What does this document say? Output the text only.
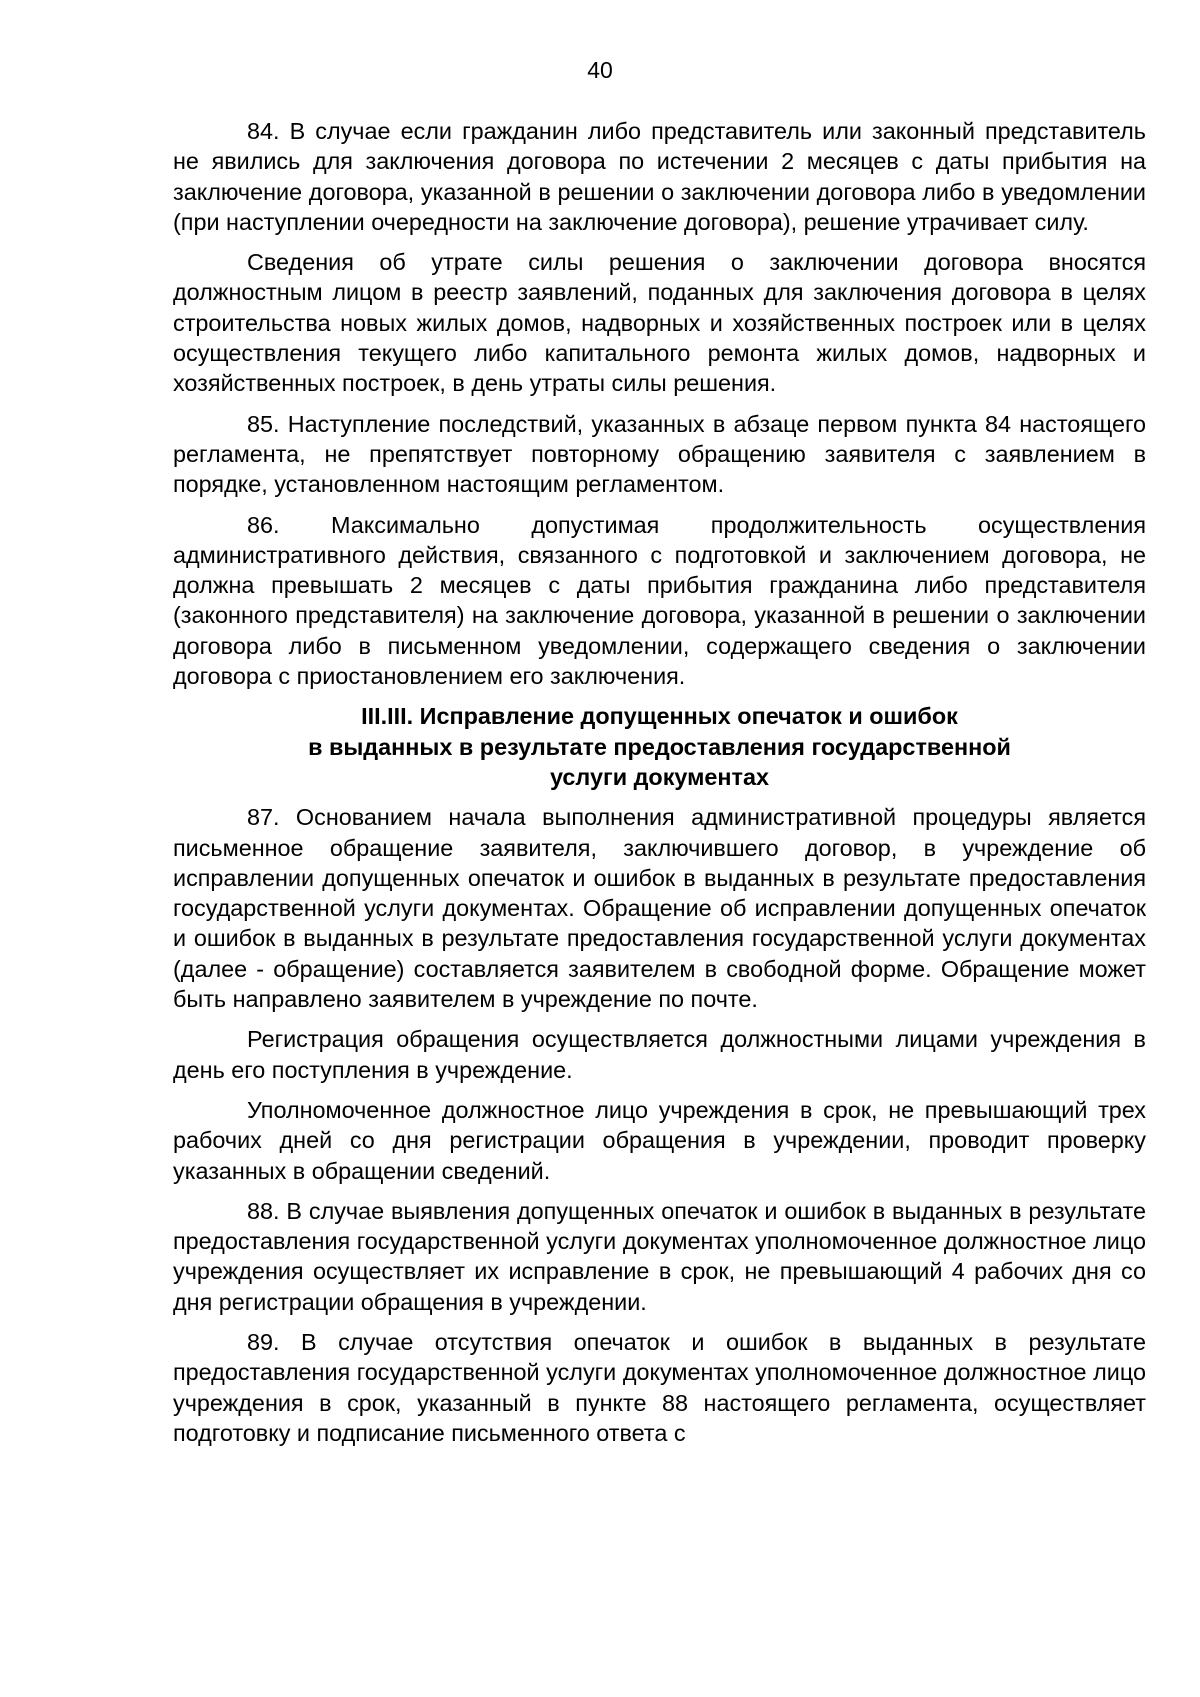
40

84. В случае если гражданин либо представитель или законный представитель не явились для заключения договора по истечении 2 месяцев с даты прибытия на заключение договора, указанной в решении о заключении договора либо в уведомлении (при наступлении очередности на заключение договора), решение утрачивает силу.

Сведения об утрате силы решения о заключении договора вносятся должностным лицом в реестр заявлений, поданных для заключения договора в целях строительства новых жилых домов, надворных и хозяйственных построек или в целях осуществления текущего либо капитального ремонта жилых домов, надворных и хозяйственных построек, в день утраты силы решения.

85. Наступление последствий, указанных в абзаце первом пункта 84 настоящего регламента, не препятствует повторному обращению заявителя с заявлением в порядке, установленном настоящим регламентом.

86. Максимально допустимая продолжительность осуществления административного действия, связанного с подготовкой и заключением договора, не должна превышать 2 месяцев с даты прибытия гражданина либо представителя (законного представителя) на заключение договора, указанной в решении о заключении договора либо в письменном уведомлении, содержащего сведения о заключении договора с приостановлением его заключения.

III.III. Исправление допущенных опечаток и ошибок
в выданных в результате предоставления государственной
услуги документах

87. Основанием начала выполнения административной процедуры является письменное обращение заявителя, заключившего договор, в учреждение об исправлении допущенных опечаток и ошибок в выданных в результате предоставления государственной услуги документах. Обращение об исправлении допущенных опечаток и ошибок в выданных в результате предоставления государственной услуги документах (далее - обращение) составляется заявителем в свободной форме. Обращение может быть направлено заявителем в учреждение по почте.

Регистрация обращения осуществляется должностными лицами учреждения в день его поступления в учреждение.

Уполномоченное должностное лицо учреждения в срок, не превышающий трех рабочих дней со дня регистрации обращения в учреждении, проводит проверку указанных в обращении сведений.

88. В случае выявления допущенных опечаток и ошибок в выданных в результате предоставления государственной услуги документах уполномоченное должностное лицо учреждения осуществляет их исправление в срок, не превышающий 4 рабочих дня со дня регистрации обращения в учреждении.

89. В случае отсутствия опечаток и ошибок в выданных в результате предоставления государственной услуги документах уполномоченное должностное лицо учреждения в срок, указанный в пункте 88 настоящего регламента, осуществляет подготовку и подписание письменного ответа с
